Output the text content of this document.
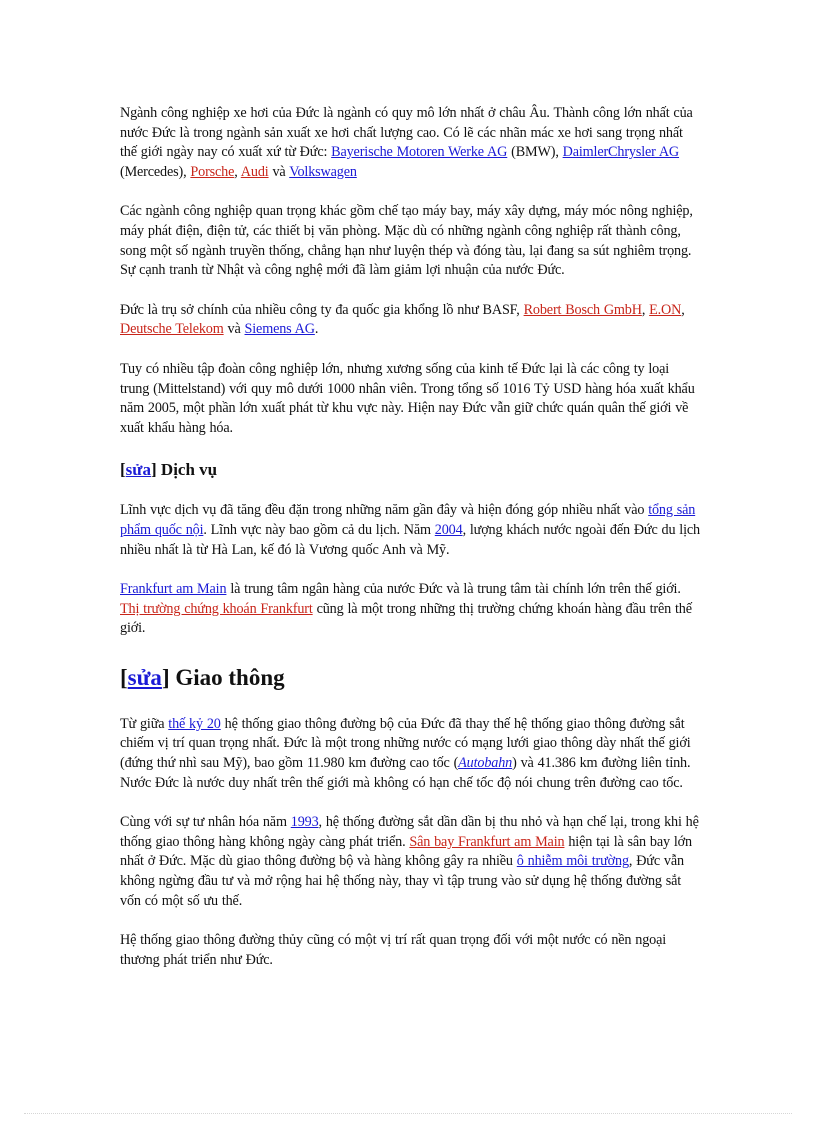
Ngành công nghiệp xe hơi của Đức là ngành có quy mô lớn nhất ở châu Âu. Thành công lớn nhất của nước Đức là trong ngành sản xuất xe hơi chất lượng cao. Có lẽ các nhãn mác xe hơi sang trọng nhất thế giới ngày nay có xuất xứ từ Đức: Bayerische Motoren Werke AG (BMW), DaimlerChrysler AG (Mercedes), Porsche, Audi và Volkswagen

Các ngành công nghiệp quan trọng khác gồm chế tạo máy bay, máy xây dựng, máy móc nông nghiệp, máy phát điện, điện tử, các thiết bị văn phòng. Mặc dù có những ngành công nghiệp rất thành công, song một số ngành truyền thống, chẳng hạn như luyện thép và đóng tàu, lại đang sa sút nghiêm trọng. Sự cạnh tranh từ Nhật và công nghệ mới đã làm giảm lợi nhuận của nước Đức.

Đức là trụ sở chính của nhiều công ty đa quốc gia khổng lồ như BASF, Robert Bosch GmbH, E.ON, Deutsche Telekom và Siemens AG.

Tuy có nhiều tập đoàn công nghiệp lớn, nhưng xương sống của kinh tế Đức lại là các công ty loại trung (Mittelstand) với quy mô dưới 1000 nhân viên. Trong tổng số 1016 Tỷ USD hàng hóa xuất khẩu năm 2005, một phần lớn xuất phát từ khu vực này. Hiện nay Đức vẫn giữ chức quán quân thế giới về xuất khẩu hàng hóa.

[sửa] Dịch vụ

Lĩnh vực dịch vụ đã tăng đều đặn trong những năm gần đây và hiện đóng góp nhiều nhất vào tổng sản phẩm quốc nội. Lĩnh vực này bao gồm cả du lịch. Năm 2004, lượng khách nước ngoài đến Đức du lịch nhiều nhất là từ Hà Lan, kế đó là Vương quốc Anh và Mỹ.

Frankfurt am Main là trung tâm ngân hàng của nước Đức và là trung tâm tài chính lớn trên thế giới. Thị trường chứng khoán Frankfurt cũng là một trong những thị trường chứng khoán hàng đầu trên thế giới.

[sửa] Giao thông

Từ giữa thế kỷ 20 hệ thống giao thông đường bộ của Đức đã thay thế hệ thống giao thông đường sắt chiếm vị trí quan trọng nhất. Đức là một trong những nước có mạng lưới giao thông dày nhất thế giới (đứng thứ nhì sau Mỹ), bao gồm 11.980 km đường cao tốc (Autobahn) và 41.386 km đường liên tỉnh. Nước Đức là nước duy nhất trên thế giới mà không có hạn chế tốc độ nói chung trên đường cao tốc.

Cùng với sự tư nhân hóa năm 1993, hệ thống đường sắt dần dần bị thu nhỏ và hạn chế lại, trong khi hệ thống giao thông hàng không ngày càng phát triển. Sân bay Frankfurt am Main hiện tại là sân bay lớn nhất ở Đức. Mặc dù giao thông đường bộ và hàng không gây ra nhiều ô nhiễm môi trường, Đức vẫn không ngừng đầu tư và mở rộng hai hệ thống này, thay vì tập trung vào sử dụng hệ thống đường sắt vốn có một số ưu thế.

Hệ thống giao thông đường thủy cũng có một vị trí rất quan trọng đối với một nước có nền ngoại thương phát triển như Đức.
